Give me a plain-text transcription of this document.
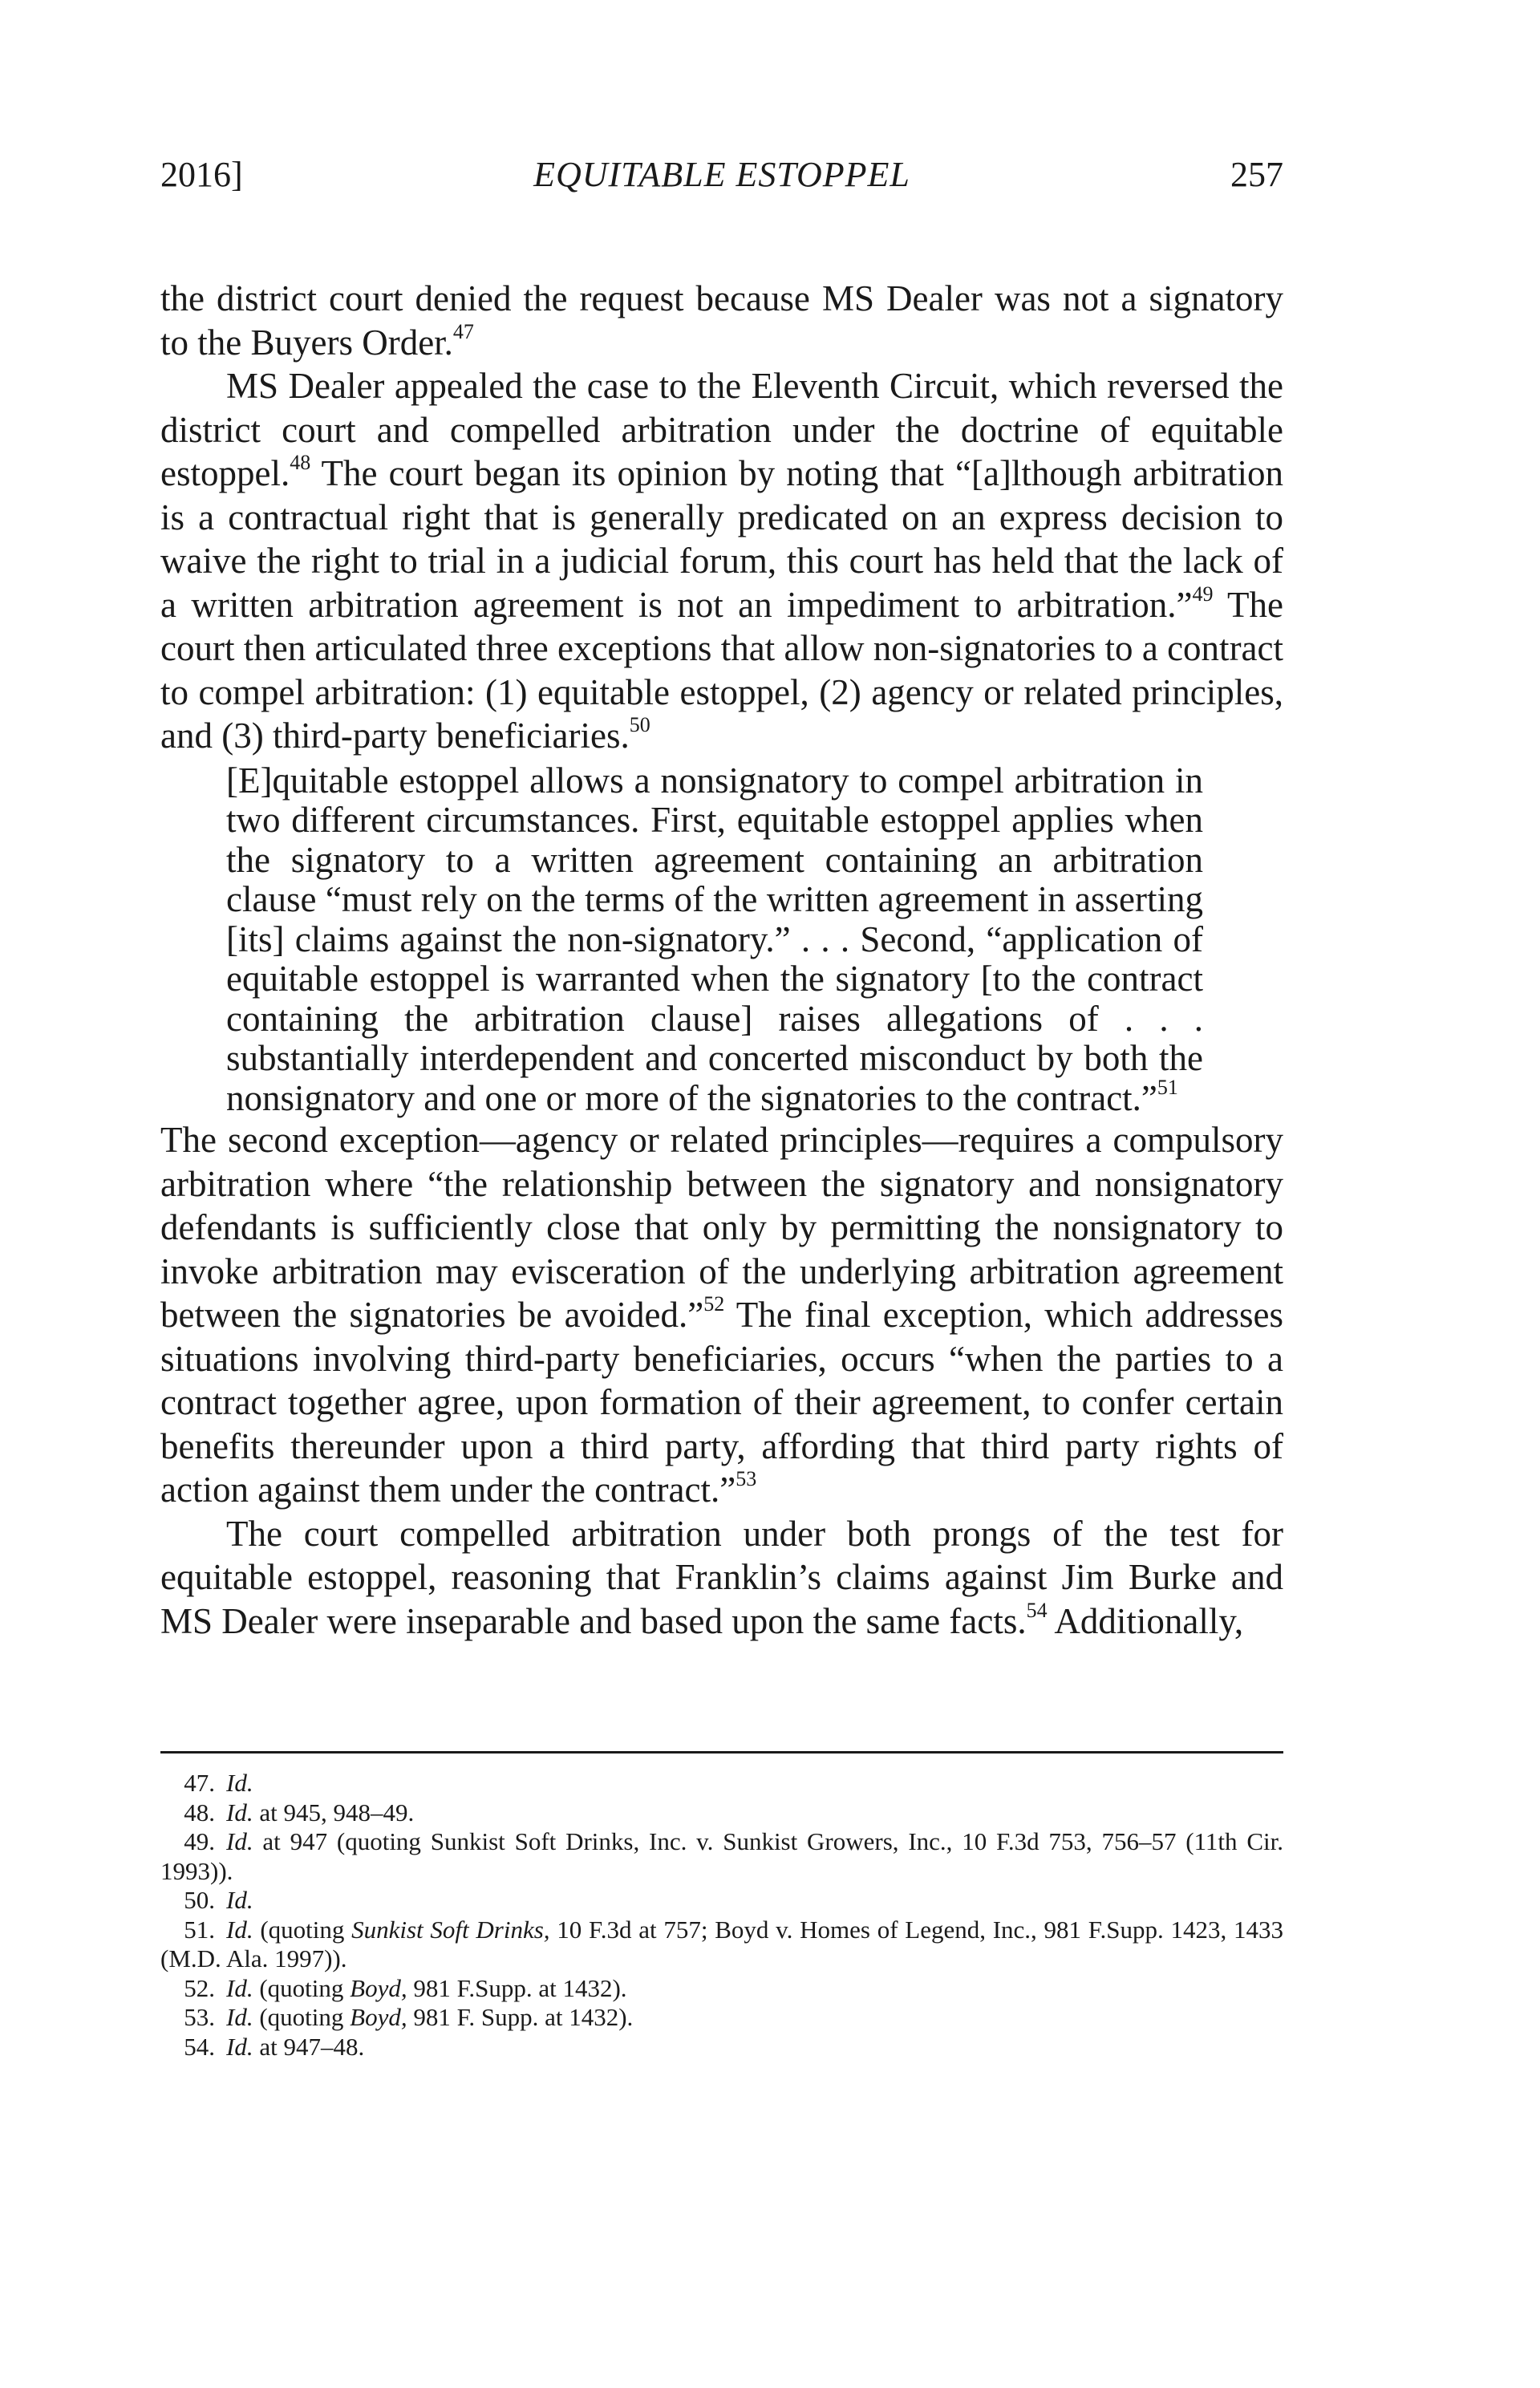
2016]	EQUITABLE ESTOPPEL	257

the district court denied the request because MS Dealer was not a signatory to the Buyers Order.$^{47}$

MS Dealer appealed the case to the Eleventh Circuit, which reversed the district court and compelled arbitration under the doctrine of equitable estoppel.$^{48}$ The court began its opinion by noting that “[a]lthough arbitration is a contractual right that is generally predicated on an express decision to waive the right to trial in a judicial forum, this court has held that the lack of a written arbitration agreement is not an impediment to arbitration.”$^{49}$ The court then articulated three exceptions that allow non-signatories to a contract to compel arbitration: (1) equitable estoppel, (2) agency or related principles, and (3) third-party beneficiaries.$^{50}$

[E]quitable estoppel allows a nonsignatory to compel arbitration in two different circumstances. First, equitable estoppel applies when the signatory to a written agreement containing an arbitration clause “must rely on the terms of the written agreement in asserting [its] claims against the non-signatory.” . . . Second, “application of equitable estoppel is warranted when the signatory [to the contract containing the arbitration clause] raises allegations of . . . substantially interdependent and concerted misconduct by both the nonsignatory and one or more of the signatories to the contract.”$^{51}$

The second exception—agency or related principles—requires a compulsory arbitration where “the relationship between the signatory and nonsignatory defendants is sufficiently close that only by permitting the nonsignatory to invoke arbitration may evisceration of the underlying arbitration agreement between the signatories be avoided.”$^{52}$ The final exception, which addresses situations involving third-party beneficiaries, occurs “when the parties to a contract together agree, upon formation of their agreement, to confer certain benefits thereunder upon a third party, affording that third party rights of action against them under the contract.”$^{53}$

The court compelled arbitration under both prongs of the test for equitable estoppel, reasoning that Franklin’s claims against Jim Burke and MS Dealer were inseparable and based upon the same facts.$^{54}$ Additionally,

47. Id.

48. Id. at 945, 948–49.

49. Id. at 947 (quoting Sunkist Soft Drinks, Inc. v. Sunkist Growers, Inc., 10 F.3d 753, 756–57 (11th Cir. 1993)).

50. Id.

51. Id. (quoting Sunkist Soft Drinks, 10 F.3d at 757; Boyd v. Homes of Legend, Inc., 981 F.Supp. 1423, 1433 (M.D. Ala. 1997)).

52. Id. (quoting Boyd, 981 F.Supp. at 1432).

53. Id. (quoting Boyd, 981 F. Supp. at 1432).

54. Id. at 947–48.
